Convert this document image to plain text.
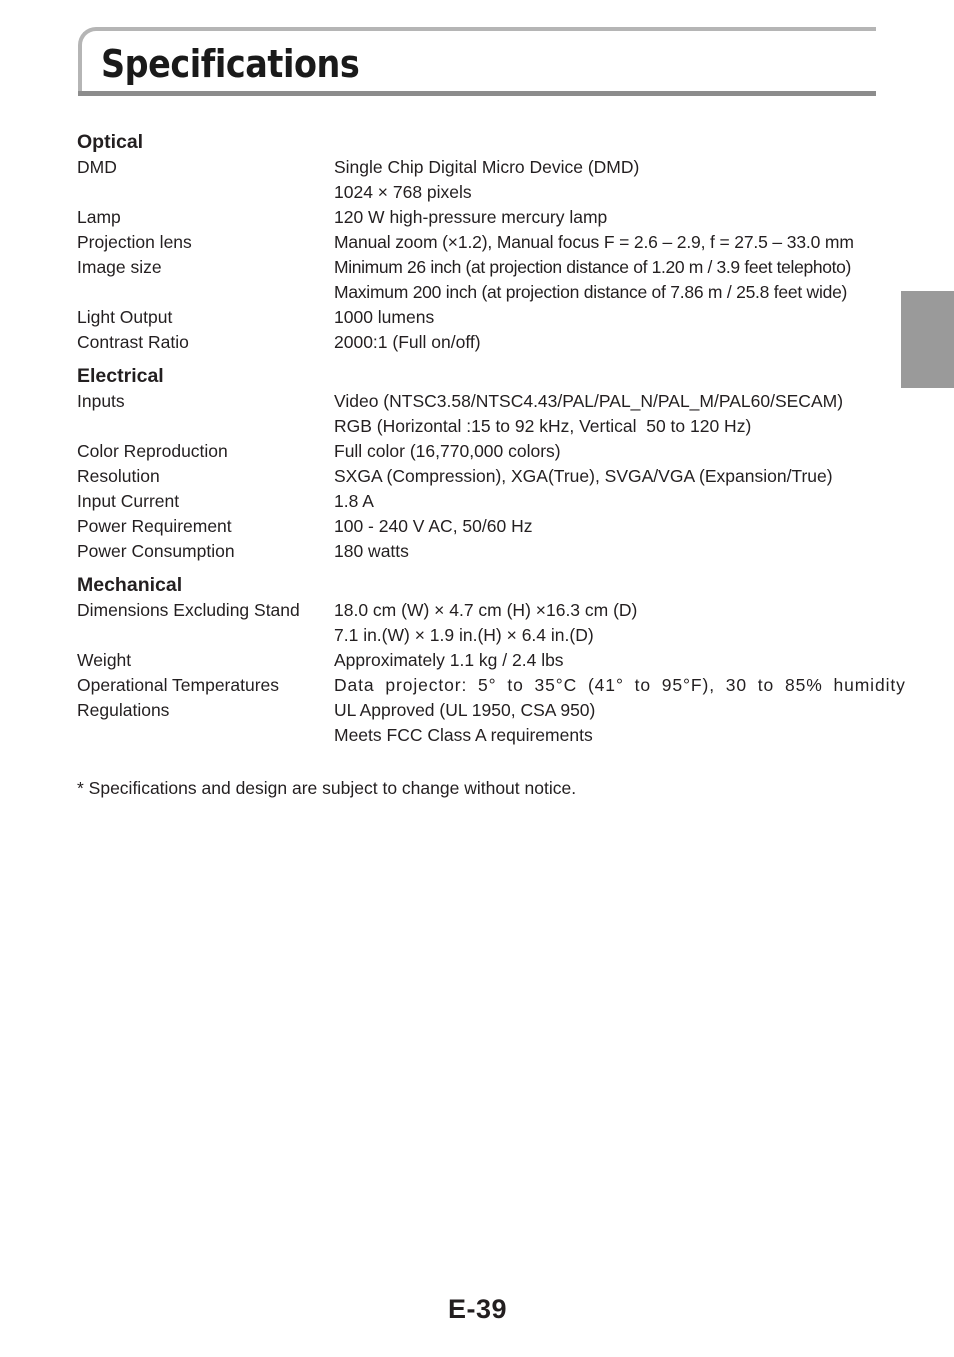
Specifications
Optical
DMD	Single Chip Digital Micro Device (DMD)
1024 × 768 pixels
Lamp	120 W high-pressure mercury lamp
Projection lens	Manual zoom (×1.2), Manual focus F = 2.6 – 2.9, f = 27.5 – 33.0 mm
Image size	Minimum 26 inch (at projection distance of 1.20 m / 3.9 feet telephoto)
Maximum 200 inch (at projection distance of 7.86 m / 25.8 feet wide)
Light Output	1000 lumens
Contrast Ratio	2000:1 (Full on/off)
Electrical
Inputs	Video (NTSC3.58/NTSC4.43/PAL/PAL_N/PAL_M/PAL60/SECAM)
RGB (Horizontal :15 to 92 kHz, Vertical  50 to 120 Hz)
Color Reproduction	Full color (16,770,000 colors)
Resolution	SXGA (Compression), XGA(True), SVGA/VGA (Expansion/True)
Input Current	1.8 A
Power Requirement	100 - 240 V AC, 50/60 Hz
Power Consumption	180 watts
Mechanical
Dimensions Excluding Stand	18.0 cm (W) × 4.7 cm (H) ×16.3 cm (D)
7.1 in.(W) × 1.9 in.(H) × 6.4 in.(D)
Weight	Approximately 1.1 kg / 2.4 lbs
Operational Temperatures	Data projector: 5° to 35°C (41° to 95°F), 30 to 85% humidity
Regulations	UL Approved (UL 1950, CSA 950)
Meets FCC Class A requirements
* Specifications and design are subject to change without notice.
E-39
